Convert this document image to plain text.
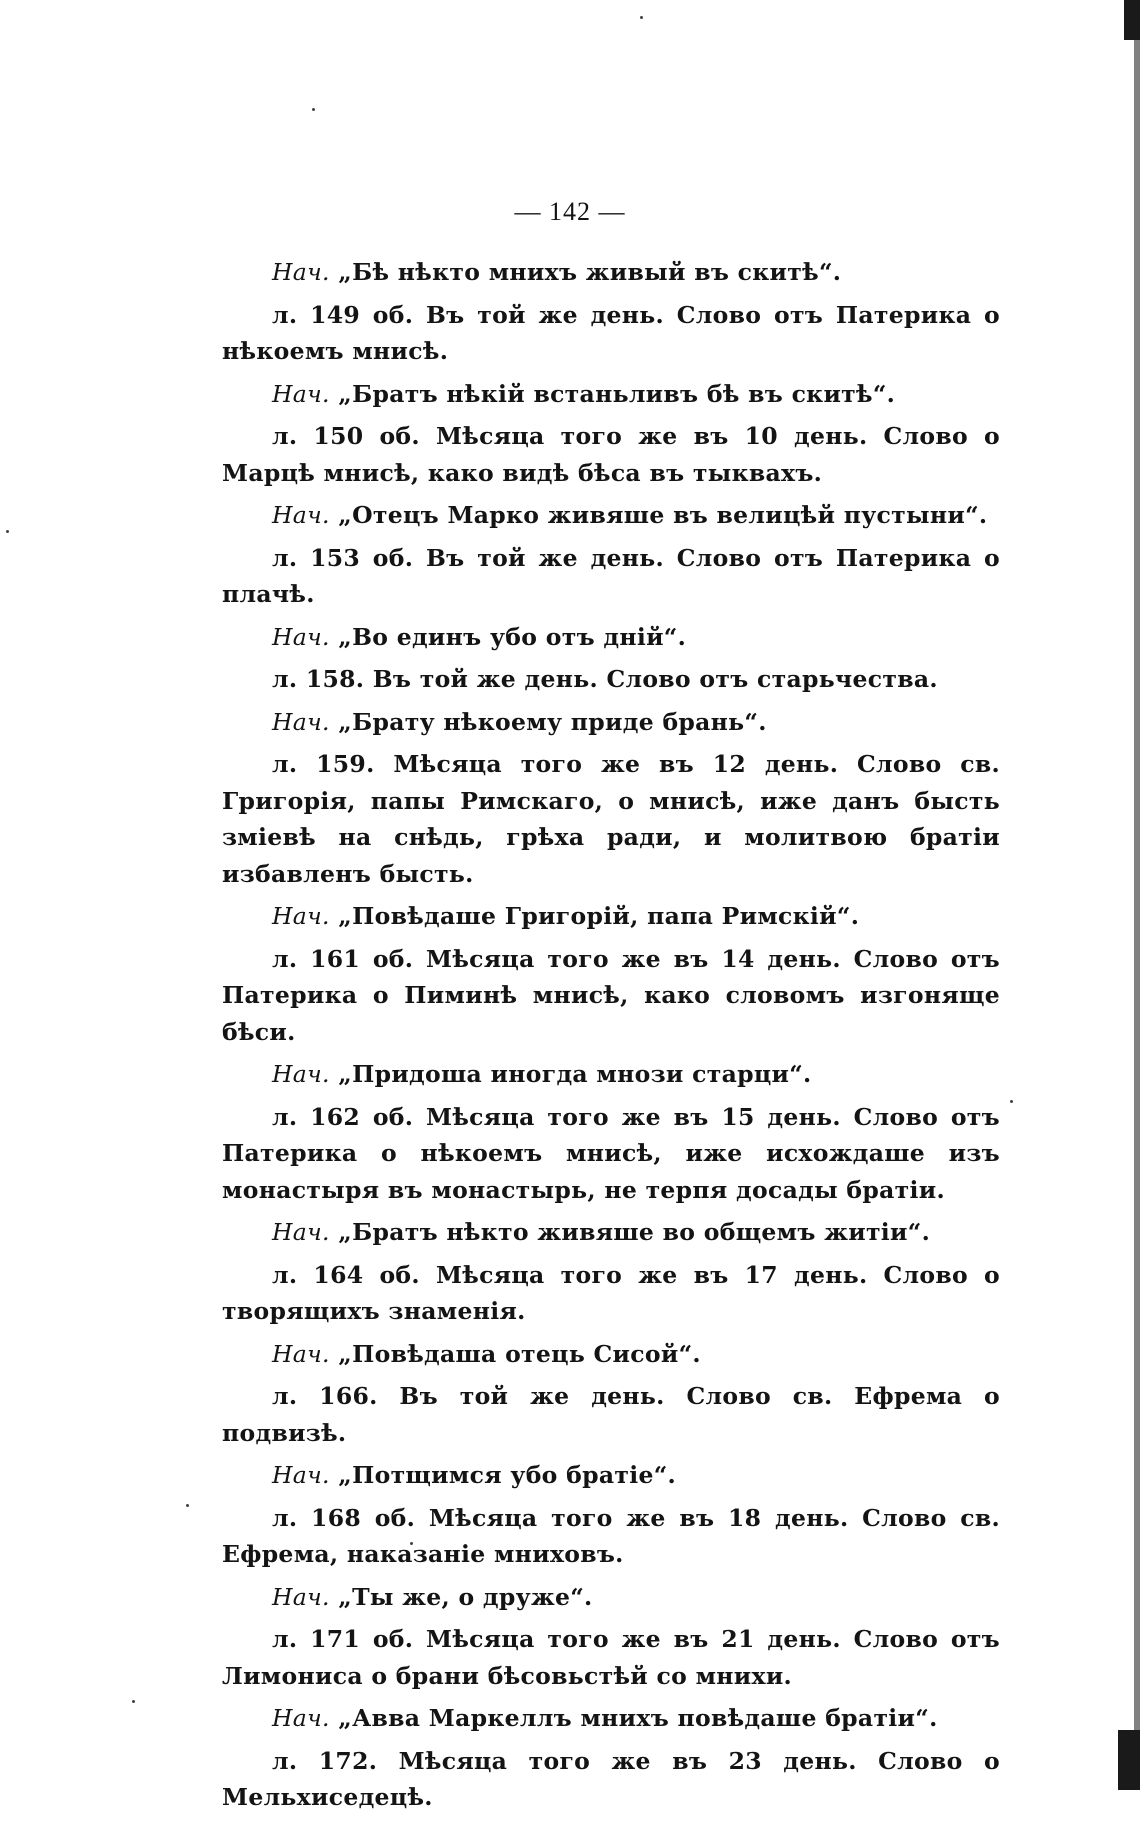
— 142 —

Нач. „Бѣ нѣкто мнихъ живый въ скитѣ“.

л. 149 об. Въ той же день. Слово отъ Патерика о нѣкоемъ мнисѣ.

Нач. „Братъ нѣкій встаньливъ бѣ въ скитѣ“.

л. 150 об. Мѣсяца того же въ 10 день. Слово о Марцѣ мнисѣ, како видѣ бѣса въ тыквахъ.

Нач. „Отецъ Марко живяше въ велицѣй пустыни“.

л. 153 об. Въ той же день. Слово отъ Патерика о плачѣ.

Нач. „Во единъ убо отъ дній“.

л. 158. Въ той же день. Слово отъ старьчества.

Нач. „Брату нѣкоему приде брань“.

л. 159. Мѣсяца того же въ 12 день. Слово св. Григорія, папы Римскаго, о мнисѣ, иже данъ бысть зміевѣ на снѣдь, грѣха ради, и молитвою братіи избавленъ бысть.

Нач. „Повѣдаше Григорій, папа Римскій“.

л. 161 об. Мѣсяца того же въ 14 день. Слово отъ Патерика о Пиминѣ мнисѣ, како словомъ изгоняще бѣси.

Нач. „Придоша иногда мнози старци“.

л. 162 об. Мѣсяца того же въ 15 день. Слово отъ Патерика о нѣкоемъ мнисѣ, иже исхождаше изъ монастыря въ монастырь, не терпя досады братіи.

Нач. „Братъ нѣкто живяше во общемъ житіи“.

л. 164 об. Мѣсяца того же въ 17 день. Слово о творящихъ знаменія.

Нач. „Повѣдаша отець Сисой“.

л. 166. Въ той же день. Слово св. Ефрема о подвизѣ.

Нач. „Потщимся убо братіе“.

л. 168 об. Мѣсяца того же въ 18 день. Слово св. Ефрема, наказаніе мниховъ.

Нач. „Ты же, о друже“.

л. 171 об. Мѣсяца того же въ 21 день. Слово отъ Лимониса о брани бѣсовьстѣй со мнихи.

Нач. „Авва Маркеллъ мнихъ повѣдаше братіи“.

л. 172. Мѣсяца того же въ 23 день. Слово о Мельхиседецѣ.
